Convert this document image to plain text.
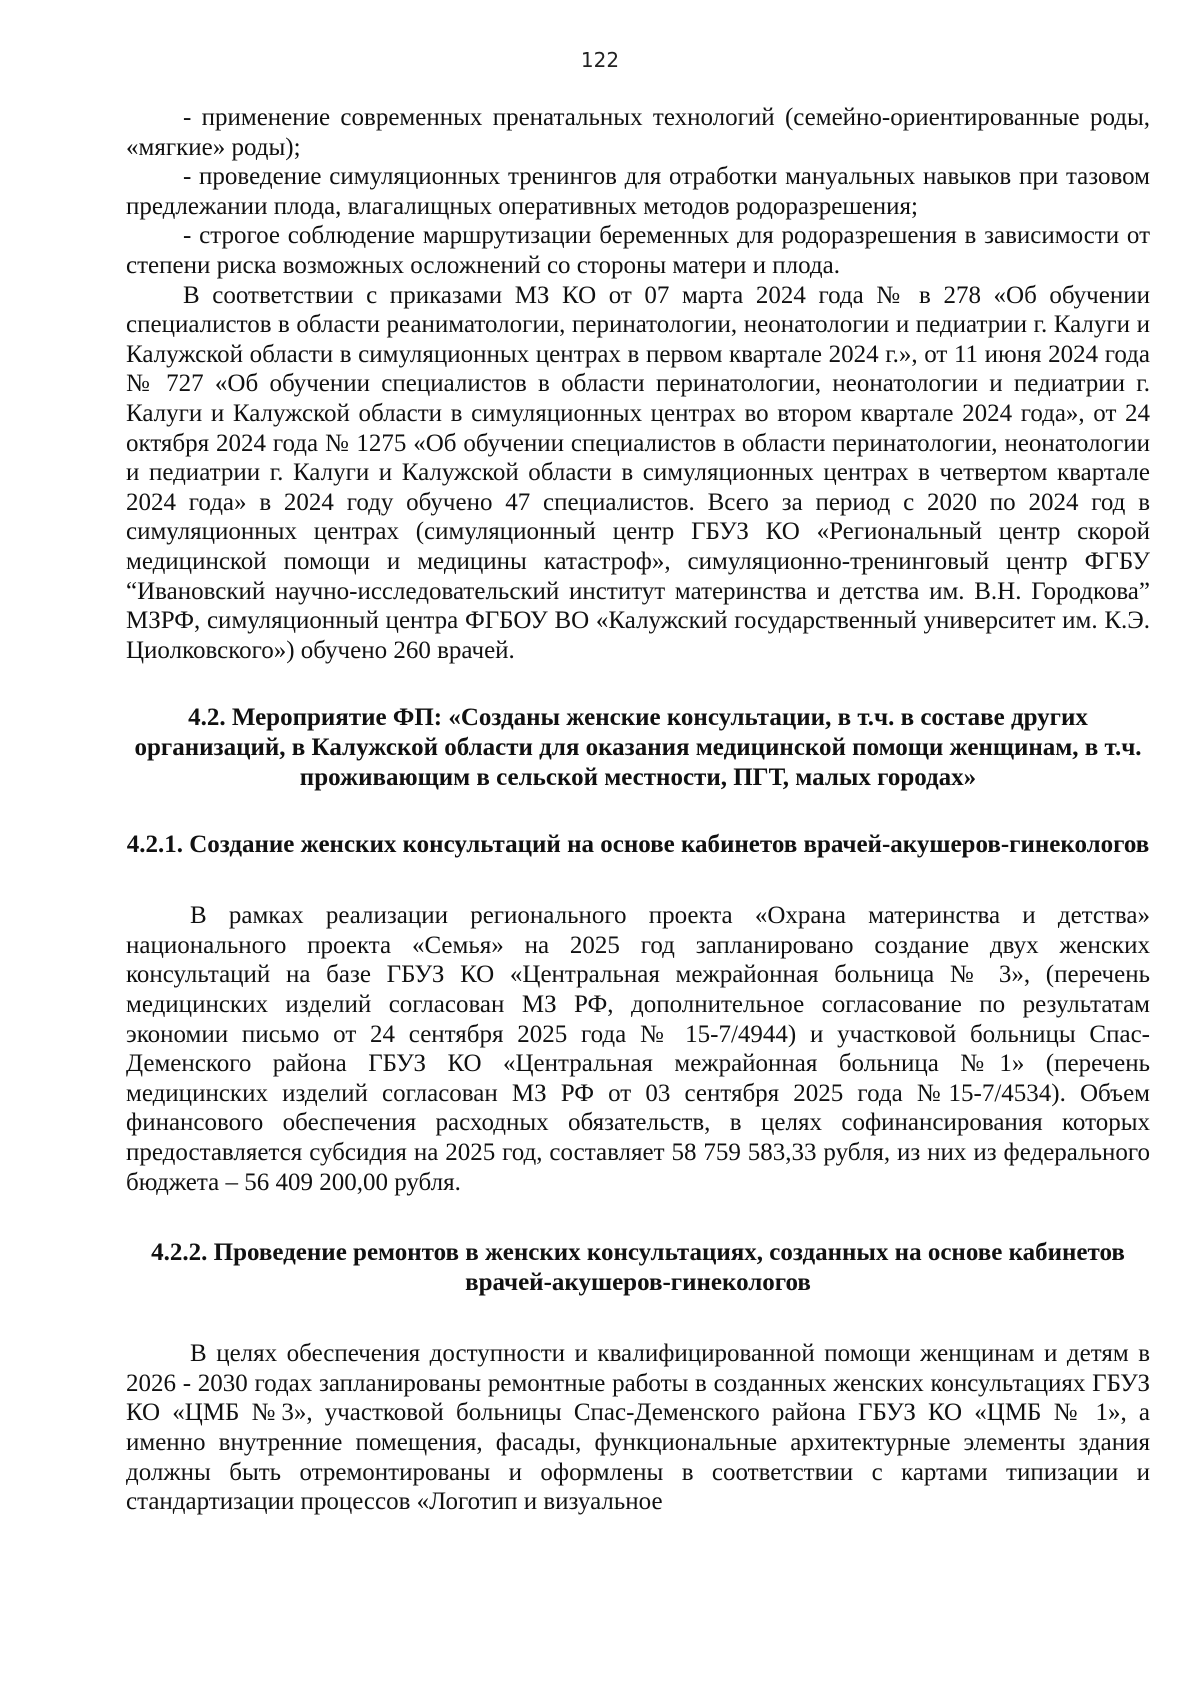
122

- применение современных пренатальных технологий (семейно-ориентированные роды, «мягкие» роды);

- проведение симуляционных тренингов для отработки мануальных навыков при тазовом предлежании плода, влагалищных оперативных методов родоразрешения;

- строгое соблюдение маршрутизации беременных для родоразрешения в зависимости от степени риска возможных осложнений со стороны матери и плода.

В соответствии с приказами МЗ КО от 07 марта 2024 года № в 278 «Об обучении специалистов в области реаниматологии, перинатологии, неонатологии и педиатрии г. Калуги и Калужской области в симуляционных центрах в первом квартале 2024 г.», от 11 июня 2024 года № 727 «Об обучении специалистов в области перинатологии, неонатологии и педиатрии г. Калуги и Калужской области в симуляционных центрах во втором квартале 2024 года», от 24 октября 2024 года № 1275 «Об обучении специалистов в области перинатологии, неонатологии и педиатрии г. Калуги и Калужской области в симуляционных центрах в четвертом квартале 2024 года» в 2024 году обучено 47 специалистов. Всего за период с 2020 по 2024 год в симуляционных центрах (симуляционный центр ГБУЗ КО «Региональный центр скорой медицинской помощи и медицины катастроф», симуляционно-тренинговый центр ФГБУ “Ивановский научно-исследовательский институт материнства и детства им. В.Н. Городкова” МЗРФ, симуляционный центра ФГБОУ ВО «Калужский государственный университет им. К.Э. Циолковского») обучено 260 врачей.

4.2. Мероприятие ФП: «Созданы женские консультации, в т.ч. в составе других организаций, в Калужской области для оказания медицинской помощи женщинам, в т.ч. проживающим в сельской местности, ПГТ, малых городах»

4.2.1. Создание женских консультаций на основе кабинетов врачей-акушеров-гинекологов

В рамках реализации регионального проекта «Охрана материнства и детства» национального проекта «Семья» на 2025 год запланировано создание двух женских консультаций на базе ГБУЗ КО «Центральная межрайонная больница № 3», (перечень медицинских изделий согласован МЗ РФ, дополнительное согласование по результатам экономии письмо от 24 сентября 2025 года № 15-7/4944) и участковой больницы Спас-Деменского района ГБУЗ КО «Центральная межрайонная больница №1» (перечень медицинских изделий согласован МЗ РФ от 03 сентября 2025 года №15-7/4534). Объем финансового обеспечения расходных обязательств, в целях софинансирования которых предоставляется субсидия на 2025 год, составляет 58 759 583,33 рубля, из них из федерального бюджета – 56 409 200,00 рубля.

4.2.2. Проведение ремонтов в женских консультациях, созданных на основе кабинетов врачей-акушеров-гинекологов

В целях обеспечения доступности и квалифицированной помощи женщинам и детям в 2026 - 2030 годах запланированы ремонтные работы в созданных женских консультациях ГБУЗ КО «ЦМБ №3», участковой больницы Спас-Деменского района ГБУЗ КО «ЦМБ № 1», а именно внутренние помещения, фасады, функциональные архитектурные элементы здания должны быть отремонтированы и оформлены в соответствии с картами типизации и стандартизации процессов «Логотип и визуальное
